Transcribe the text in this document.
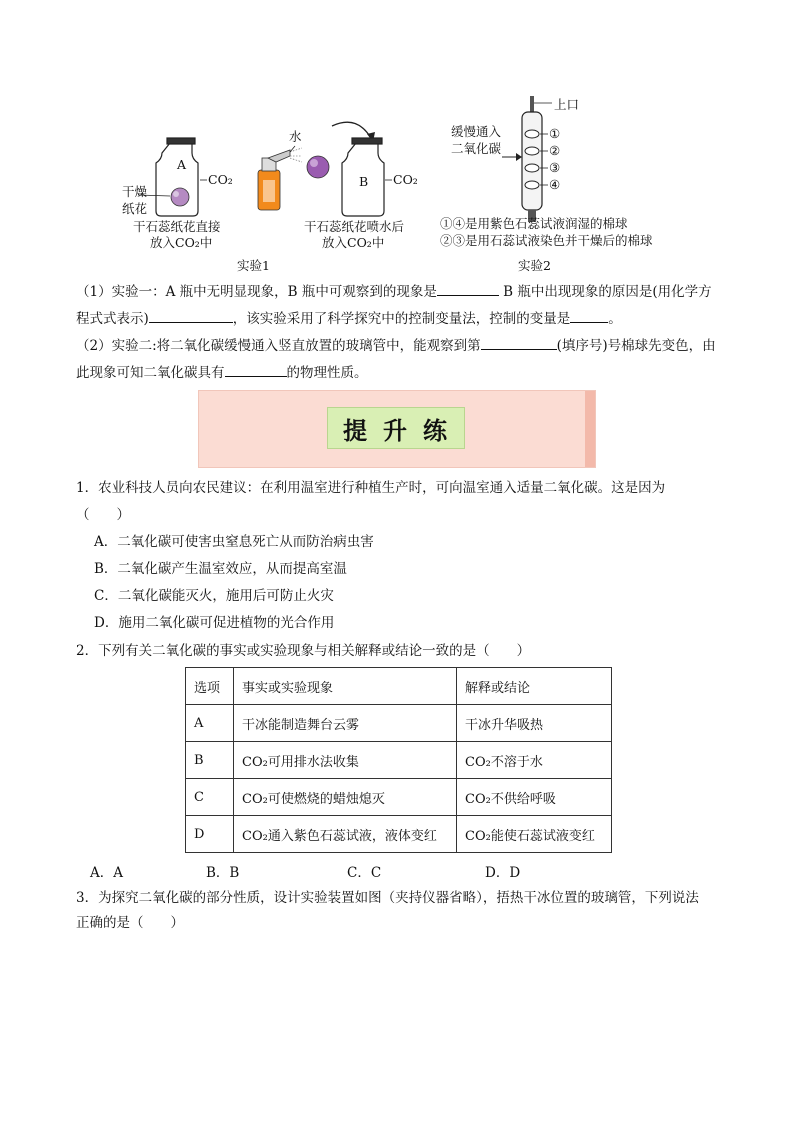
A
CO₂
干燥
纸花
干石蕊纸花直接
放入CO₂中
水
B CO₂
干石蕊纸花喷水后
放入CO₂中
实验1
上口
缓慢通入
二氧化碳
①
②
③
④
①④是用紫色石蕊试液润湿的棉球
②③是用石蕊试液染色并干燥后的棉球
实验2
（1）实验一：A 瓶中无明显现象，B 瓶中可观察到的现象是	B 瓶中出现现象的原因是(用化学方
程式式表示)	，该实验采用了科学探究中的控制变量法，控制的变量是	。
（2）实验二:将二氧化碳缓慢通入竖直放置的玻璃管中，能观察到第	(填序号)号棉球先变色，由
此现象可知二氧化碳具有	的物理性质。
提升练
1．农业科技人员向农民建议：在利用温室进行种植生产时，可向温室通入适量二氧化碳。这是因为
（　　）
A．二氧化碳可使害虫窒息死亡从而防治病虫害
B．二氧化碳产生温室效应，从而提高室温
C．二氧化碳能灭火，施用后可防止火灾
D．施用二氧化碳可促进植物的光合作用
2．下列有关二氧化碳的事实或实验现象与相关解释或结论一致的是（　　）
选项	事实或实验现象	解释或结论
A	干冰能制造舞台云雾	干冰升华吸热
B	CO₂可用排水法收集	CO₂不溶于水
C	CO₂可使燃烧的蜡烛熄灭	CO₂不供给呼吸
D	CO₂通入紫色石蕊试液，液体变红	CO₂能使石蕊试液变红
A．A	B．B	C．C	D．D
3．为探究二氧化碳的部分性质，设计实验装置如图（夹持仪器省略），捂热干冰位置的玻璃管，下列说法
正确的是（　　）
